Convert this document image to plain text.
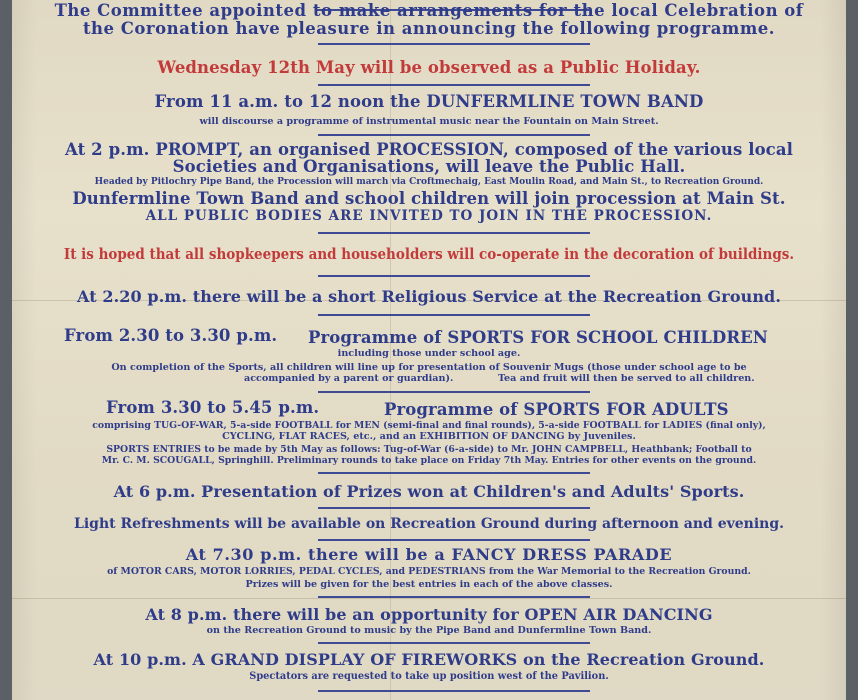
The Committee appointed to make arrangements for the local Celebration of
the Coronation have pleasure in announcing the following programme.
Wednesday 12th May will be observed as a Public Holiday.
From 11 a.m. to 12 noon the DUNFERMLINE TOWN BAND
will discourse a programme of instrumental music near the Fountain on Main Street.
At 2 p.m. PROMPT, an organised PROCESSION, composed of the various local
Societies and Organisations, will leave the Public Hall.
Headed by Pitlochry Pipe Band, the Procession will march via Croftmechaig, East Moulin Road, and Main St., to Recreation Ground.
Dunfermline Town Band and school children will join procession at Main St.
ALL PUBLIC BODIES ARE INVITED TO JOIN IN THE PROCESSION.
It is hoped that all shopkeepers and householders will co-operate in the decoration of buildings.
At 2.20 p.m. there will be a short Religious Service at the Recreation Ground.
From 2.30 to 3.30 p.m. Programme of SPORTS FOR SCHOOL CHILDREN
including those under school age.
On completion of the Sports, all children will line up for presentation of Souvenir Mugs (those under school age to be
accompanied by a parent or guardian).	Tea and fruit will then be served to all children.
From 3.30 to 5.45 p.m.	Programme of SPORTS FOR ADULTS
comprising TUG-OF-WAR, 5-a-side FOOTBALL for MEN (semi-final and final rounds), 5-a-side FOOTBALL for LADIES (final only),
CYCLING, FLAT RACES, etc., and an EXHIBITION OF DANCING by Juveniles.
SPORTS ENTRIES to be made by 5th May as follows: Tug-of-War (6-a-side) to Mr. JOHN CAMPBELL, Heathbank; Football to
Mr. C. M. SCOUGALL, Springhill. Preliminary rounds to take place on Friday 7th May. Entries for other events on the ground.
At 6 p.m. Presentation of Prizes won at Children's and Adults' Sports.
Light Refreshments will be available on Recreation Ground during afternoon and evening.
At 7.30 p.m. there will be a FANCY DRESS PARADE
of MOTOR CARS, MOTOR LORRIES, PEDAL CYCLES, and PEDESTRIANS from the War Memorial to the Recreation Ground.
Prizes will be given for the best entries in each of the above classes.
At 8 p.m. there will be an opportunity for OPEN AIR DANCING
on the Recreation Ground to music by the Pipe Band and Dunfermline Town Band.
At 10 p.m. A GRAND DISPLAY OF FIREWORKS on the Recreation Ground.
Spectators are requested to take up position west of the Pavilion.
